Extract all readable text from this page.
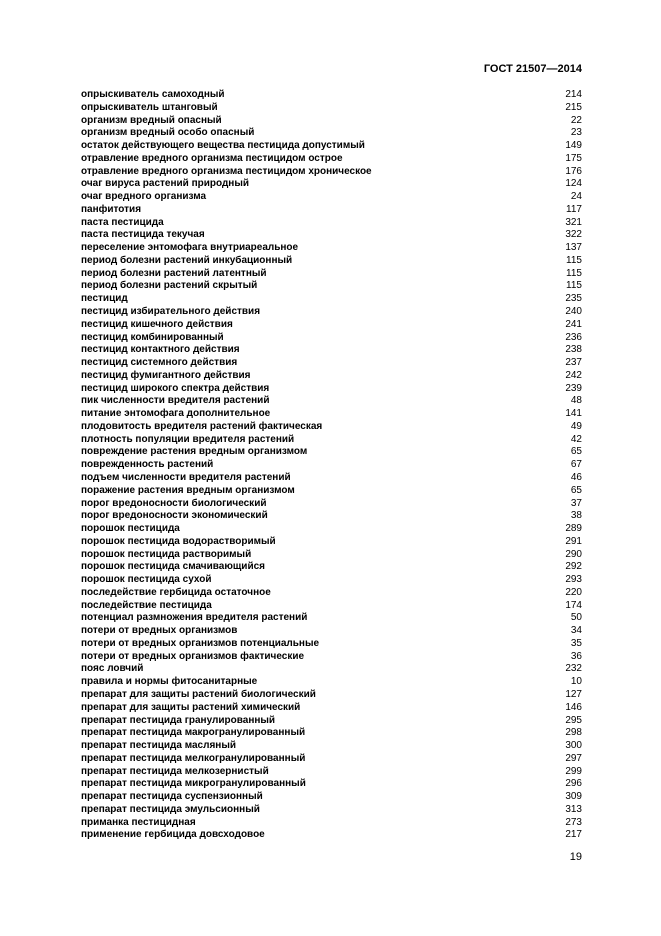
ГОСТ 21507—2014
опрыскиватель самоходный	214
опрыскиватель штанговый	215
организм вредный опасный	22
организм вредный особо опасный	23
остаток действующего вещества пестицида допустимый	149
отравление вредного организма пестицидом острое	175
отравление вредного организма пестицидом хроническое	176
очаг вируса растений природный	124
очаг вредного организма	24
панфитотия	117
паста пестицида	321
паста пестицида текучая	322
переселение энтомофага внутриареальное	137
период болезни растений инкубационный	115
период болезни растений латентный	115
период болезни растений скрытый	115
пестицид	235
пестицид избирательного действия	240
пестицид кишечного действия	241
пестицид комбинированный	236
пестицид контактного действия	238
пестицид системного действия	237
пестицид фумигантного действия	242
пестицид широкого спектра действия	239
пик численности вредителя растений	48
питание энтомофага дополнительное	141
плодовитость вредителя растений фактическая	49
плотность популяции вредителя растений	42
повреждение растения вредным организмом	65
поврежденность растений	67
подъем численности вредителя растений	46
поражение растения вредным организмом	65
порог вредоносности биологический	37
порог вредоносности экономический	38
порошок пестицида	289
порошок пестицида водорастворимый	291
порошок пестицида растворимый	290
порошок пестицида смачивающийся	292
порошок пестицида сухой	293
последействие гербицида остаточное	220
последействие пестицида	174
потенциал размножения вредителя растений	50
потери от вредных организмов	34
потери от вредных организмов потенциальные	35
потери от вредных организмов фактические	36
пояс ловчий	232
правила и нормы фитосанитарные	10
препарат для защиты растений биологический	127
препарат для защиты растений химический	146
препарат пестицида гранулированный	295
препарат пестицида макрогранулированный	298
препарат пестицида масляный	300
препарат пестицида мелкогранулированный	297
препарат пестицида мелкозернистый	299
препарат пестицида микрогранулированный	296
препарат пестицида суспензионный	309
препарат пестицида эмульсионный	313
приманка пестицидная	273
применение гербицида довсходовое	217
19
